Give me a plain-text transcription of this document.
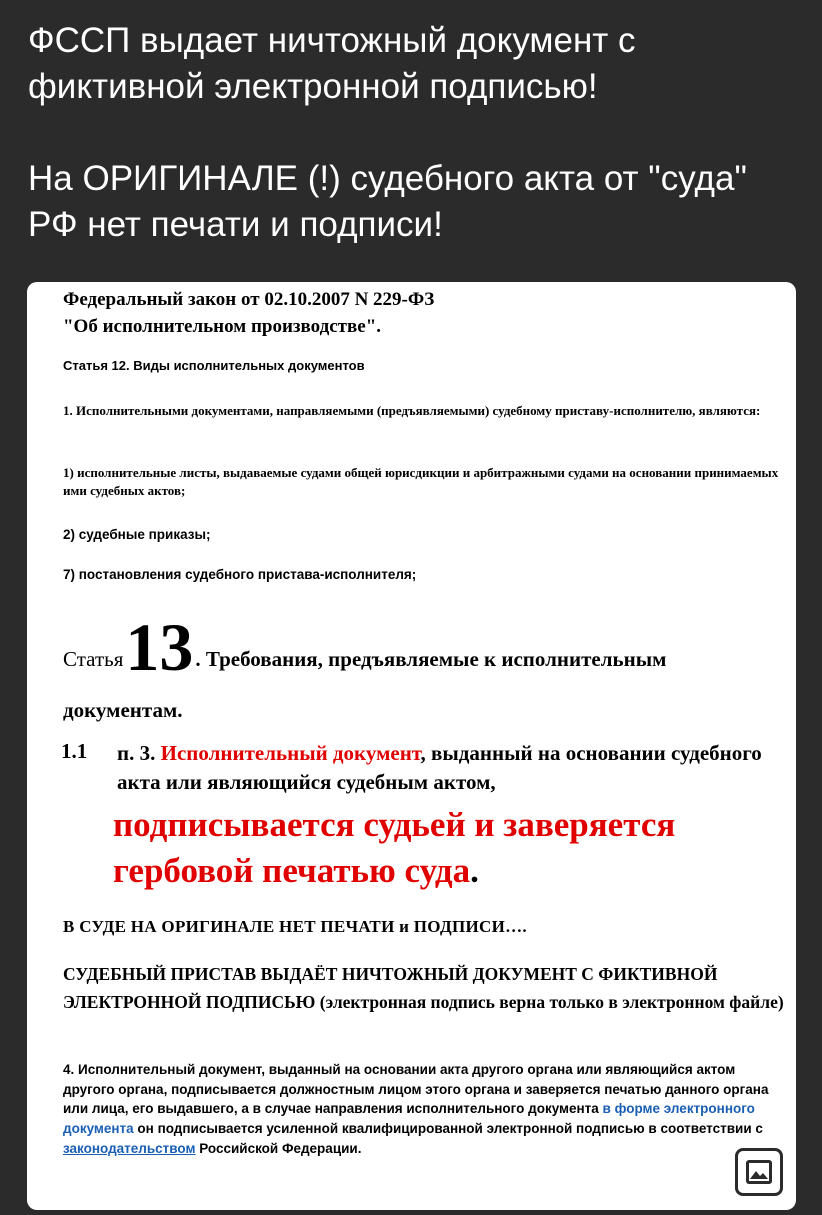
ФССП выдает ничтожный документ с

фиктивной электронной подписью!

На ОРИГИНАЛЕ (!) судебного акта от "суда"

РФ нет печати и подписи!

Федеральный закон от 02.10.2007 N 229-ФЗ
"Об исполнительном производстве".
Статья 12. Виды исполнительных документов
1. Исполнительными документами, направляемыми (предъявляемыми) судебному приставу-исполнителю, являются:
1) исполнительные листы, выдаваемые судами общей юрисдикции и арбитражными судами на основании принимаемых ими судебных актов;
2) судебные приказы;
7) постановления судебного пристава-исполнителя;
Статья13. Требования, предъявляемые к исполнительным
документам.
1.1 п. 3. Исполнительный документ, выданный на основании судебного акта или являющийся судебным актом,
подписывается судьей и заверяется гербовой печатью суда.
В СУДЕ НА ОРИГИНАЛЕ НЕТ ПЕЧАТИ и ПОДПИСИ….
СУДЕБНЫЙ ПРИСТАВ ВЫДАЁТ НИЧТОЖНЫЙ ДОКУМЕНТ С ФИКТИВНОЙ ЭЛЕКТРОННОЙ ПОДПИСЬЮ (электронная подпись верна только в электронном файле)
4. Исполнительный документ, выданный на основании акта другого органа или являющийся актом другого органа, подписывается должностным лицом этого органа и заверяется печатью данного органа или лица, его выдавшего, а в случае направления исполнительного документа в форме электронного документа он подписывается усиленной квалифицированной электронной подписью в соответствии с законодательством Российской Федерации.
